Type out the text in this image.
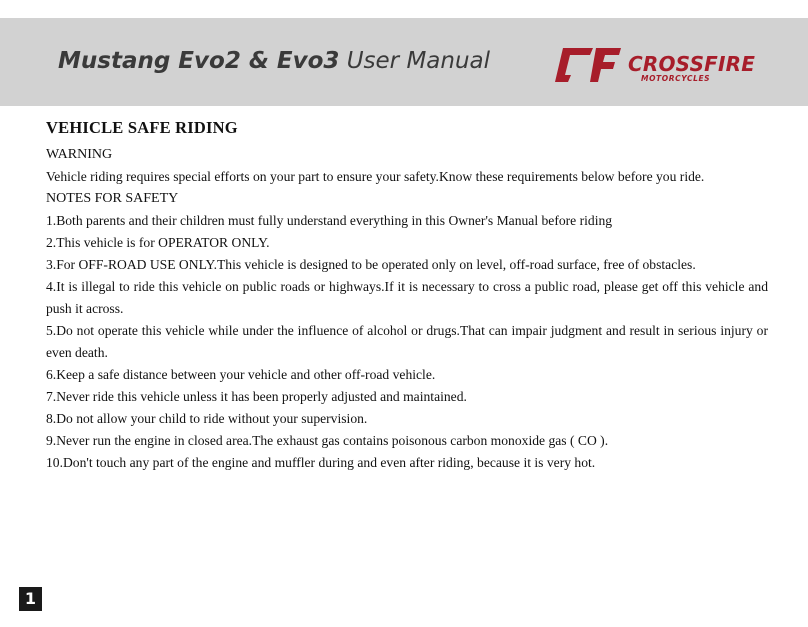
Mustang Evo2 & Evo3 User Manual	CROSSFIRE
MOTORCYCLES
VEHICLE SAFE RIDING
WARNING
Vehicle riding requires special efforts on your part to ensure your safety.Know these requirements below before you ride.
NOTES FOR SAFETY
1.Both parents and their children must fully understand everything in this Owner's Manual before riding
2.This vehicle is for OPERATOR ONLY.
3.For OFF-ROAD USE ONLY.This vehicle is designed to be operated only on level, off-road surface, free of obstacles.
4.It is illegal to ride this vehicle on public roads or highways.If it is necessary to cross a public road, please get off this vehicle and push it across.
5.Do not operate this vehicle while under the influence of alcohol or drugs.That can impair judgment and result in serious injury or even death.
6.Keep a safe distance between your vehicle and other off-road vehicle.
7.Never ride this vehicle unless it has been properly adjusted and maintained.
8.Do not allow your child to ride without your supervision.
9.Never run the engine in closed area.The exhaust gas contains poisonous carbon monoxide gas ( CO ).
10.Don't touch any part of the engine and muffler during and even after riding, because it is very hot.
1
